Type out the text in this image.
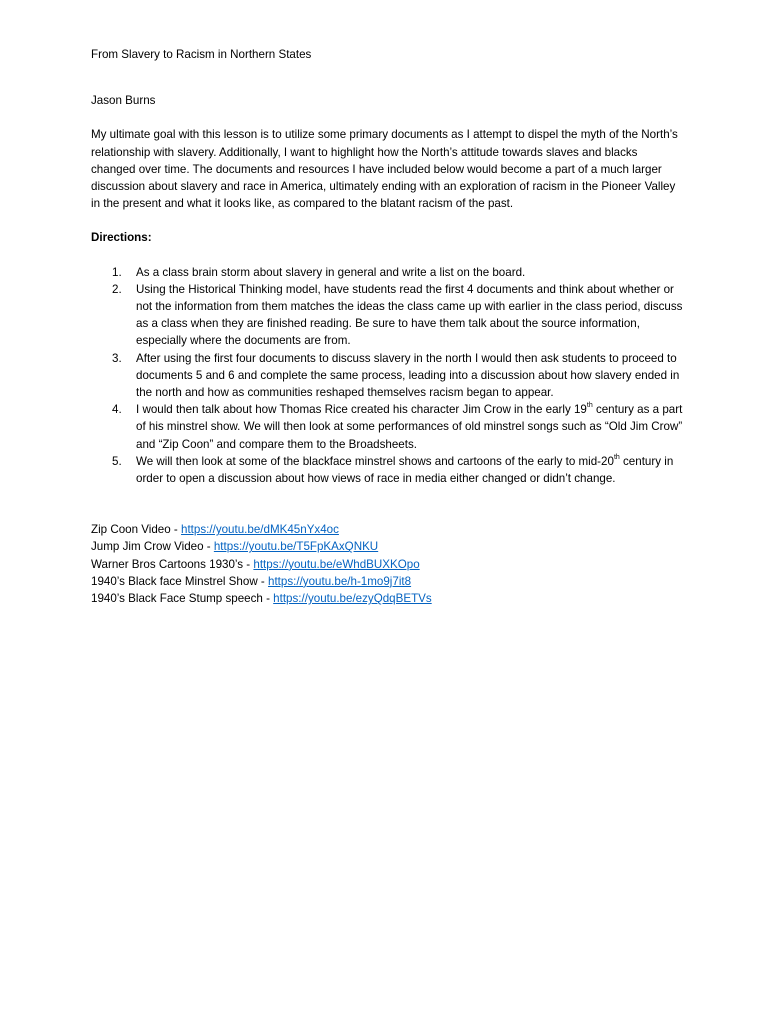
From Slavery to Racism in Northern States

Jason Burns

My ultimate goal with this lesson is to utilize some primary documents as I attempt to dispel the myth of the North’s relationship with slavery. Additionally, I want to highlight how the North’s attitude towards slaves and blacks changed over time. The documents and resources I have included below would become a part of a much larger discussion about slavery and race in America, ultimately ending with an exploration of racism in the Pioneer Valley in the present and what it looks like, as compared to the blatant racism of the past.

Directions:

1. As a class brain storm about slavery in general and write a list on the board.
2. Using the Historical Thinking model, have students read the first 4 documents and think about whether or not the information from them matches the ideas the class came up with earlier in the class period, discuss as a class when they are finished reading. Be sure to have them talk about the source information, especially where the documents are from.
3. After using the first four documents to discuss slavery in the north I would then ask students to proceed to documents 5 and 6 and complete the same process, leading into a discussion about how slavery ended in the north and how as communities reshaped themselves racism began to appear.
4. I would then talk about how Thomas Rice created his character Jim Crow in the early 19th century as a part of his minstrel show. We will then look at some performances of old minstrel songs such as “Old Jim Crow” and “Zip Coon” and compare them to the Broadsheets.
5. We will then look at some of the blackface minstrel shows and cartoons of the early to mid-20th century in order to open a discussion about how views of race in media either changed or didn’t change.
Zip Coon Video - https://youtu.be/dMK45nYx4oc
Jump Jim Crow Video - https://youtu.be/T5FpKAxQNKU
Warner Bros Cartoons 1930’s - https://youtu.be/eWhdBUXKOpo
1940’s Black face Minstrel Show - https://youtu.be/h-1mo9j7it8
1940’s Black Face Stump speech - https://youtu.be/ezyQdqBETVs
